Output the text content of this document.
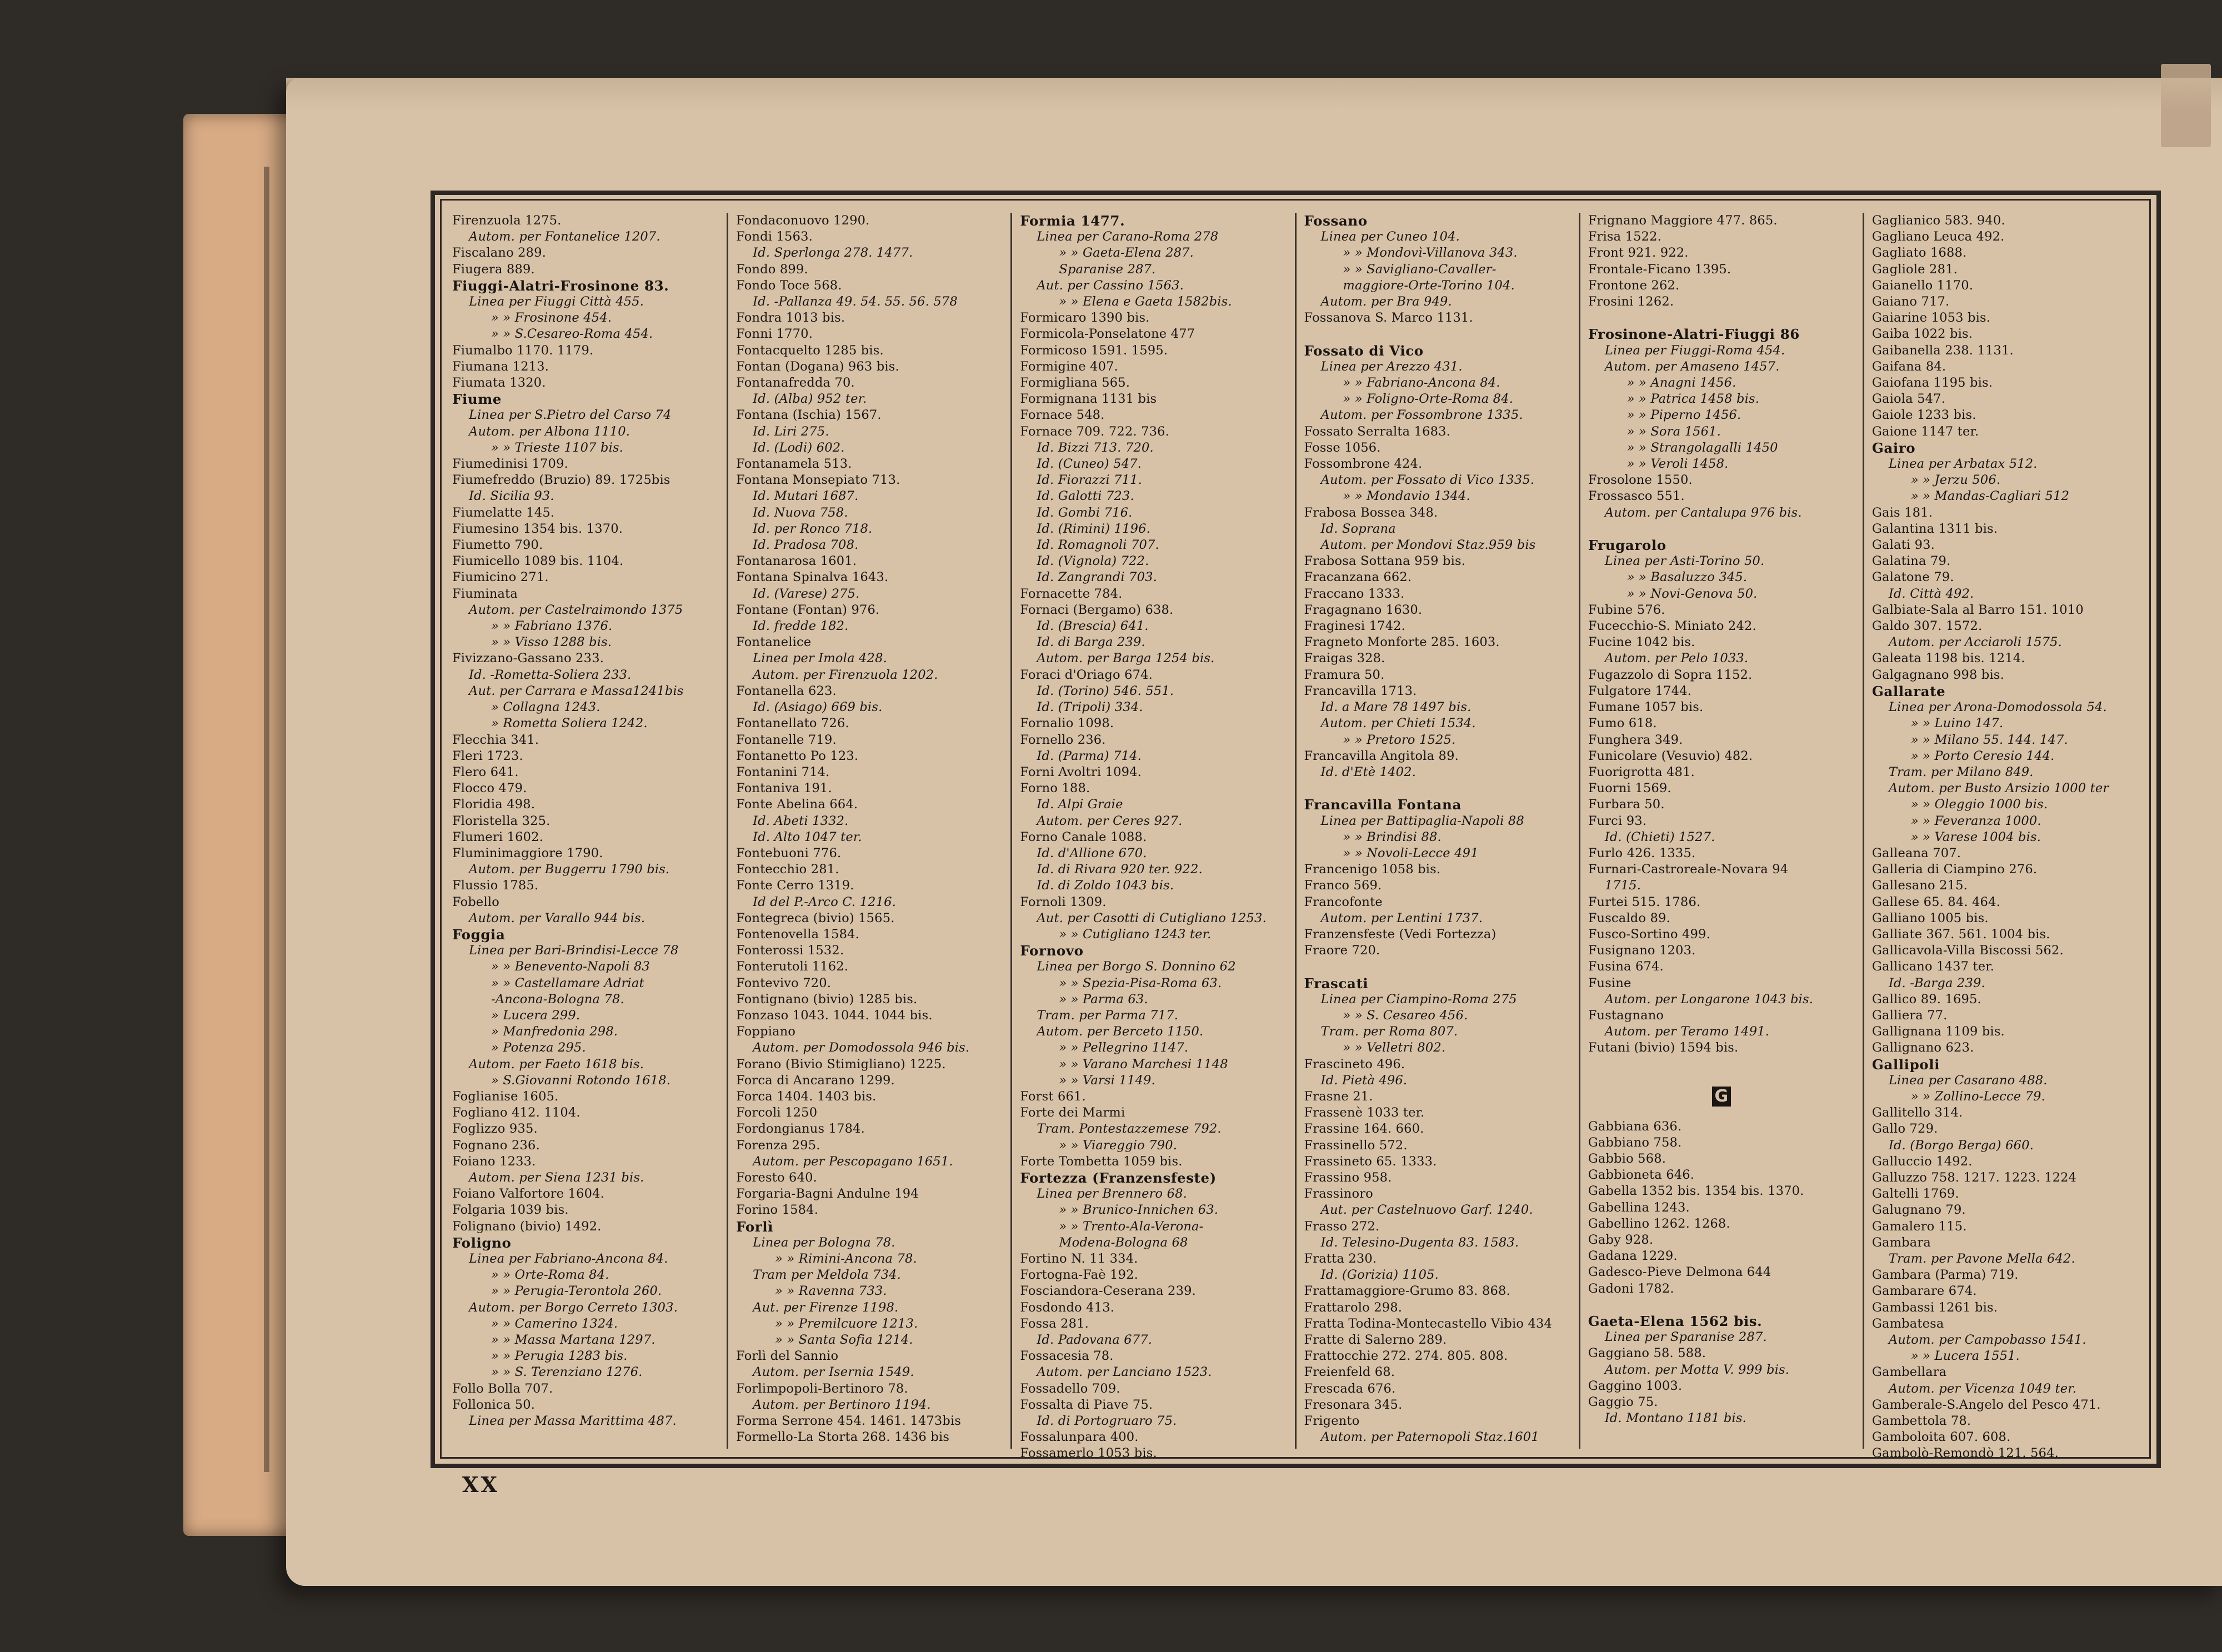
Firenzuola 1275.
Autom. per Fontanelice 1207.
Fiscalano 289.
Fiugera 889.
Fiuggi-Alatri-Frosinone 83.
Linea per Fiuggi Città 455.
» » Frosinone 454.
» » S.Cesareo-Roma 454.
Fiumalbo 1170. 1179.
Fiumana 1213.
Fiumata 1320.
Fiume
Linea per S.Pietro del Carso 74
Autom. per Albona 1110.
» » Trieste 1107 bis.
Fiumedinisi 1709.
Fiumefreddo (Bruzio) 89. 1725bis
Id. Sicilia 93.
Fiumelatte 145.
Fiumesino 1354 bis. 1370.
Fiumetto 790.
Fiumicello 1089 bis. 1104.
Fiumicino 271.
Fiuminata
Autom. per Castelraimondo 1375
» » Fabriano 1376.
» » Visso 1288 bis.
Fivizzano-Gassano 233.
Id. -Rometta-Soliera 233.
Aut. per Carrara e Massa1241bis
» Collagna 1243.
» Rometta Soliera 1242.
Flecchia 341.
Fleri 1723.
Flero 641.
Flocco 479.
Floridia 498.
Floristella 325.
Flumeri 1602.
Fluminimaggiore 1790.
Autom. per Buggerru 1790 bis.
Flussio 1785.
Fobello
Autom. per Varallo 944 bis.
Foggia
Linea per Bari-Brindisi-Lecce 78
» » Benevento-Napoli 83
» » Castellamare Adriat
-Ancona-Bologna 78.
» Lucera 299.
» Manfredonia 298.
» Potenza 295.
Autom. per Faeto 1618 bis.
» S.Giovanni Rotondo 1618.
Foglianise 1605.
Fogliano 412. 1104.
Foglizzo 935.
Fognano 236.
Foiano 1233.
Autom. per Siena 1231 bis.
Foiano Valfortore 1604.
Folgaria 1039 bis.
Folignano (bivio) 1492.
Foligno
Linea per Fabriano-Ancona 84.
» » Orte-Roma 84.
» » Perugia-Terontola 260.
Autom. per Borgo Cerreto 1303.
» » Camerino 1324.
» » Massa Martana 1297.
» » Perugia 1283 bis.
» » S. Terenziano 1276.
Follo Bolla 707.
Follonica 50.
Linea per Massa Marittima 487.
Fondaconuovo 1290.
Fondi 1563.
Id. Sperlonga 278. 1477.
Fondo 899.
Fondo Toce 568.
Id. -Pallanza 49. 54. 55. 56. 578
Fondra 1013 bis.
Fonni 1770.
Fontacquelto 1285 bis.
Fontan (Dogana) 963 bis.
Fontanafredda 70.
Id. (Alba) 952 ter.
Fontana (Ischia) 1567.
Id. Liri 275.
Id. (Lodi) 602.
Fontanamela 513.
Fontana Monsepiato 713.
Id. Mutari 1687.
Id. Nuova 758.
Id. per Ronco 718.
Id. Pradosa 708.
Fontanarosa 1601.
Fontana Spinalva 1643.
Id. (Varese) 275.
Fontane (Fontan) 976.
Id. fredde 182.
Fontanelice
Linea per Imola 428.
Autom. per Firenzuola 1202.
Fontanella 623.
Id. (Asiago) 669 bis.
Fontanellato 726.
Fontanelle 719.
Fontanetto Po 123.
Fontanini 714.
Fontaniva 191.
Fonte Abelina 664.
Id. Abeti 1332.
Id. Alto 1047 ter.
Fontebuoni 776.
Fontecchio 281.
Fonte Cerro 1319.
Id del P.-Arco C. 1216.
Fontegreca (bivio) 1565.
Fontenovella 1584.
Fonterossi 1532.
Fonterutoli 1162.
Fontevivo 720.
Fontignano (bivio) 1285 bis.
Fonzaso 1043. 1044. 1044 bis.
Foppiano
Autom. per Domodossola 946 bis.
Forano (Bivio Stimigliano) 1225.
Forca di Ancarano 1299.
Forca 1404. 1403 bis.
Forcoli 1250
Fordongianus 1784.
Forenza 295.
Autom. per Pescopagano 1651.
Foresto 640.
Forgaria-Bagni Andulne 194
Forino 1584.
Forlì
Linea per Bologna 78.
» » Rimini-Ancona 78.
Tram per Meldola 734.
» » Ravenna 733.
Aut. per Firenze 1198.
» » Premilcuore 1213.
» » Santa Sofia 1214.
Forlì del Sannio
Autom. per Isernia 1549.
Forlimpopoli-Bertinoro 78.
Autom. per Bertinoro 1194.
Forma Serrone 454. 1461. 1473bis
Formello-La Storta 268. 1436 bis
Formia 1477.
Linea per Carano-Roma 278
» » Gaeta-Elena 287.
Sparanise 287.
Aut. per Cassino 1563.
» » Elena e Gaeta 1582bis.
Formicaro 1390 bis.
Formicola-Ponselatone 477
Formicoso 1591. 1595.
Formigine 407.
Formigliana 565.
Formignana 1131 bis
Fornace 548.
Fornace 709. 722. 736.
Id. Bizzi 713. 720.
Id. (Cuneo) 547.
Id. Fiorazzi 711.
Id. Galotti 723.
Id. Gombi 716.
Id. (Rimini) 1196.
Id. Romagnoli 707.
Id. (Vignola) 722.
Id. Zangrandi 703.
Fornacette 784.
Fornaci (Bergamo) 638.
Id. (Brescia) 641.
Id. di Barga 239.
Autom. per Barga 1254 bis.
Foraci d'Oriago 674.
Id. (Torino) 546. 551.
Id. (Tripoli) 334.
Fornalio 1098.
Fornello 236.
Id. (Parma) 714.
Forni Avoltri 1094.
Forno 188.
Id. Alpi Graie
Autom. per Ceres 927.
Forno Canale 1088.
Id. d'Allione 670.
Id. di Rivara 920 ter. 922.
Id. di Zoldo 1043 bis.
Fornoli 1309.
Aut. per Casotti di Cutigliano 1253.
» » Cutigliano 1243 ter.
Fornovo
Linea per Borgo S. Donnino 62
» » Spezia-Pisa-Roma 63.
» » Parma 63.
Tram. per Parma 717.
Autom. per Berceto 1150.
» » Pellegrino 1147.
» » Varano Marchesi 1148
» » Varsi 1149.
Forst 661.
Forte dei Marmi
Tram. Pontestazzemese 792.
» » Viareggio 790.
Forte Tombetta 1059 bis.
Fortezza (Franzensfeste)
Linea per Brennero 68.
» » Brunico-Innichen 63.
» » Trento-Ala-Verona-
Modena-Bologna 68
Fortino N. 11 334.
Fortogna-Faè 192.
Fosciandora-Ceserana 239.
Fosdondo 413.
Fossa 281.
Id. Padovana 677.
Fossacesia 78.
Autom. per Lanciano 1523.
Fossadello 709.
Fossalta di Piave 75.
Id. di Portogruaro 75.
Fossalunpara 400.
Fossamerlo 1053 bis.
Fossano
Linea per Cuneo 104.
» » Mondovì-Villanova 343.
» » Savigliano-Cavaller-
maggiore-Orte-Torino 104.
Autom. per Bra 949.
Fossanova S. Marco 1131.

Fossato di Vico
Linea per Arezzo 431.
» » Fabriano-Ancona 84.
» » Foligno-Orte-Roma 84.
Autom. per Fossombrone 1335.
Fossato Serralta 1683.
Fosse 1056.
Fossombrone 424.
Autom. per Fossato di Vico 1335.
» » Mondavio 1344.
Frabosa Bossea 348.
Id. Soprana
Autom. per Mondovi Staz.959 bis
Frabosa Sottana 959 bis.
Fracanzana 662.
Fraccano 1333.
Fragagnano 1630.
Fraginesi 1742.
Fragneto Monforte 285. 1603.
Fraigas 328.
Framura 50.
Francavilla 1713.
Id. a Mare 78 1497 bis.
Autom. per Chieti 1534.
» » Pretoro 1525.
Francavilla Angitola 89.
Id. d'Etè 1402.

Francavilla Fontana
Linea per Battipaglia-Napoli 88
» » Brindisi 88.
» » Novoli-Lecce 491
Francenigo 1058 bis.
Franco 569.
Francofonte
Autom. per Lentini 1737.
Franzensfeste (Vedi Fortezza)
Fraore 720.

Frascati
Linea per Ciampino-Roma 275
» » S. Cesareo 456.
Tram. per Roma 807.
» » Velletri 802.
Frascineto 496.
Id. Pietà 496.
Frasne 21.
Frassenè 1033 ter.
Frassine 164. 660.
Frassinello 572.
Frassineto 65. 1333.
Frassino 958.
Frassinoro
Aut. per Castelnuovo Garf. 1240.
Frasso 272.
Id. Telesino-Dugenta 83. 1583.
Fratta 230.
Id. (Gorizia) 1105.
Frattamaggiore-Grumo 83. 868.
Frattarolo 298.
Fratta Todina-Montecastello Vibio 434
Fratte di Salerno 289.
Frattocchie 272. 274. 805. 808.
Freienfeld 68.
Frescada 676.
Fresonara 345.
Frigento
Autom. per Paternopoli Staz.1601
Frignano Maggiore 477. 865.
Frisa 1522.
Front 921. 922.
Frontale-Ficano 1395.
Frontone 262.
Frosini 1262.

Frosinone-Alatri-Fiuggi 86
Linea per Fiuggi-Roma 454.
Autom. per Amaseno 1457.
» » Anagni 1456.
» » Patrica 1458 bis.
» » Piperno 1456.
» » Sora 1561.
» » Strangolagalli 1450
» » Veroli 1458.
Frosolone 1550.
Frossasco 551.
Autom. per Cantalupa 976 bis.

Frugarolo
Linea per Asti-Torino 50.
» » Basaluzzo 345.
» » Novi-Genova 50.
Fubine 576.
Fucecchio-S. Miniato 242.
Fucine 1042 bis.
Autom. per Pelo 1033.
Fugazzolo di Sopra 1152.
Fulgatore 1744.
Fumane 1057 bis.
Fumo 618.
Funghera 349.
Funicolare (Vesuvio) 482.
Fuorigrotta 481.
Fuorni 1569.
Furbara 50.
Furci 93.
Id. (Chieti) 1527.
Furlo 426. 1335.
Furnari-Castroreale-Novara 94
1715.
Furtei 515. 1786.
Fuscaldo 89.
Fusco-Sortino 499.
Fusignano 1203.
Fusina 674.
Fusine
Autom. per Longarone 1043 bis.
Fustagnano
Autom. per Teramo 1491.
Futani (bivio) 1594 bis.
G
Gabbiana 636.
Gabbiano 758.
Gabbio 568.
Gabbioneta 646.
Gabella 1352 bis. 1354 bis. 1370.
Gabellina 1243.
Gabellino 1262. 1268.
Gaby 928.
Gadana 1229.
Gadesco-Pieve Delmona 644
Gadoni 1782.

Gaeta-Elena 1562 bis.
Linea per Sparanise 287.
Gaggiano 58. 588.
Autom. per Motta V. 999 bis.
Gaggino 1003.
Gaggio 75.
Id. Montano 1181 bis.
Gaglianico 583. 940.
Gagliano Leuca 492.
Gagliato 1688.
Gagliole 281.
Gaianello 1170.
Gaiano 717.
Gaiarine 1053 bis.
Gaiba 1022 bis.
Gaibanella 238. 1131.
Gaifana 84.
Gaiofana 1195 bis.
Gaiola 547.
Gaiole 1233 bis.
Gaione 1147 ter.
Gairo
Linea per Arbatax 512.
» » Jerzu 506.
» » Mandas-Cagliari 512
Gais 181.
Galantina 1311 bis.
Galati 93.
Galatina 79.
Galatone 79.
Id. Città 492.
Galbiate-Sala al Barro 151. 1010
Galdo 307. 1572.
Autom. per Acciaroli 1575.
Galeata 1198 bis. 1214.
Galgagnano 998 bis.
Gallarate
Linea per Arona-Domodossola 54.
» » Luino 147.
» » Milano 55. 144. 147.
» » Porto Ceresio 144.
Tram. per Milano 849.
Autom. per Busto Arsizio 1000 ter
» » Oleggio 1000 bis.
» » Feveranza 1000.
» » Varese 1004 bis.
Galleana 707.
Galleria di Ciampino 276.
Gallesano 215.
Gallese 65. 84. 464.
Galliano 1005 bis.
Galliate 367. 561. 1004 bis.
Gallicavola-Villa Biscossi 562.
Gallicano 1437 ter.
Id. -Barga 239.
Gallico 89. 1695.
Galliera 77.
Gallignana 1109 bis.
Gallignano 623.
Gallipoli
Linea per Casarano 488.
» » Zollino-Lecce 79.
Gallitello 314.
Gallo 729.
Id. (Borgo Berga) 660.
Galluccio 1492.
Galluzzo 758. 1217. 1223. 1224
Galtelli 1769.
Galugnano 79.
Gamalero 115.
Gambara
Tram. per Pavone Mella 642.
Gambara (Parma) 719.
Gambarare 674.
Gambassi 1261 bis.
Gambatesa
Autom. per Campobasso 1541.
» » Lucera 1551.
Gambellara
Autom. per Vicenza 1049 ter.
Gamberale-S.Angelo del Pesco 471.
Gambettola 78.
Gamboloita 607. 608.
Gambolò-Remondò 121. 564.
XX
